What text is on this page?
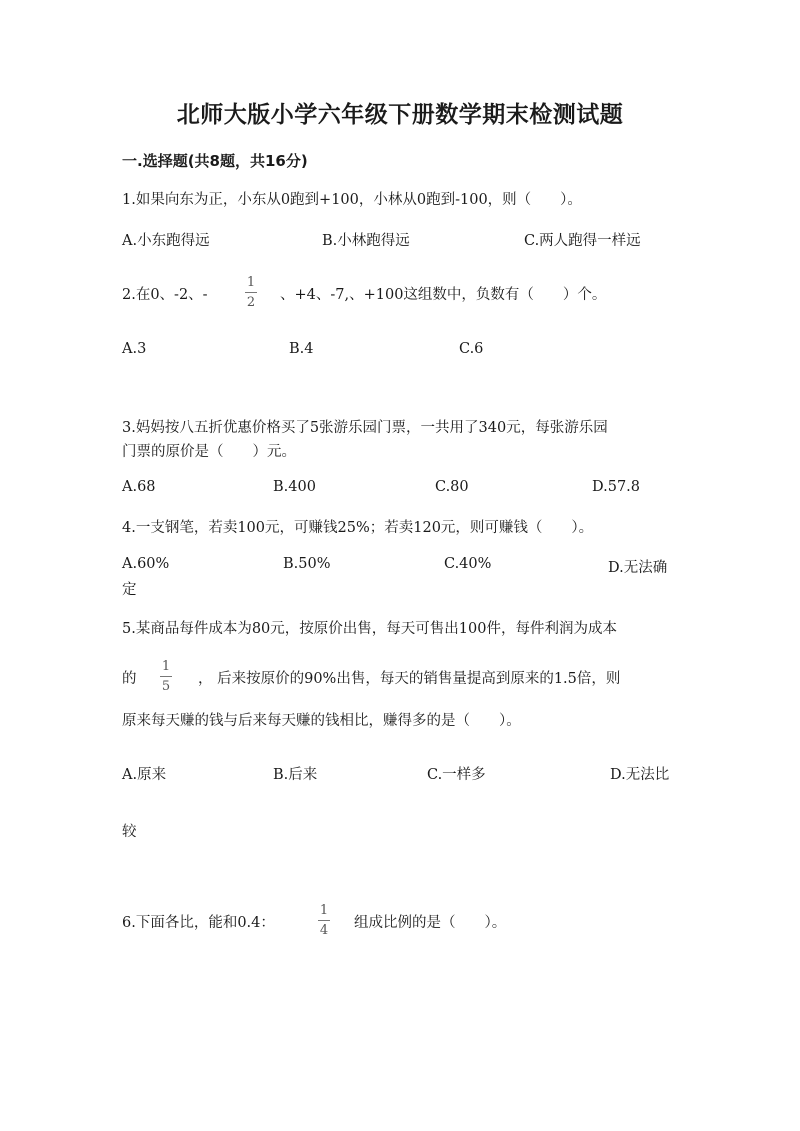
北师大版小学六年级下册数学期末检测试题
一.选择题(共8题，共16分)
1.如果向东为正，小东从0跑到+100，小林从0跑到-100，则（　　）。
A.小东跑得远	B.小林跑得远	C.两人跑得一样远
2.在0、-2、-
1
2 、+4、-7,、+100这组数中，负数有（　　）个。
A.3	B.4	C.6
3.妈妈按八五折优惠价格买了5张游乐园门票，一共用了340元，每张游乐园
门票的原价是（　　）元。
A.68	B.400	C.80	D.57.8
4.一支钢笔，若卖100元，可赚钱25%；若卖120元，则可赚钱（　　）。
A.60%	B.50%	C.40%	D.无法确
定
5.某商品每件成本为80元，按原价出售，每天可售出100件，每件利润为成本
的
1
5 ， 后来按原价的90%出售，每天的销售量提高到原来的1.5倍，则
原来每天赚的钱与后来每天赚的钱相比，赚得多的是（　　）。
A.原来	B.后来	C.一样多	D.无法比
较
6.下面各比，能和0.4：
1
4 组成比例的是（　　）。
